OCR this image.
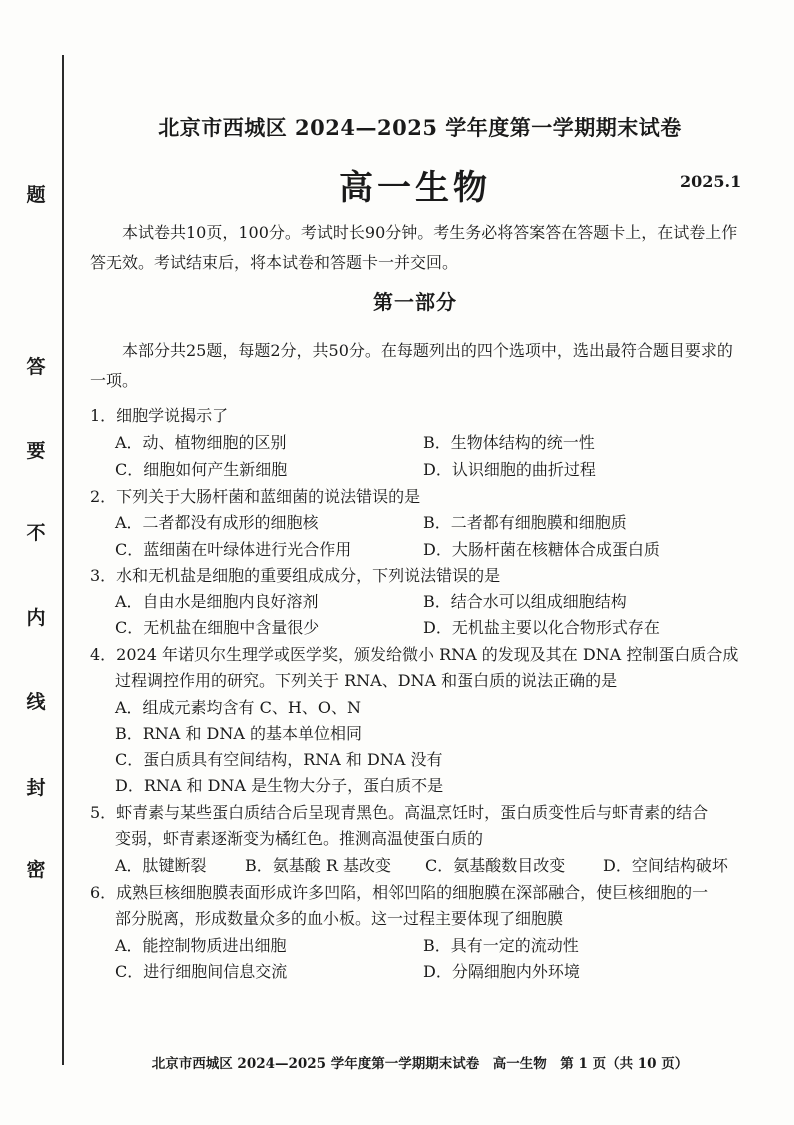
题
答
要
不
内
线
封
密
北京市西城区 2024—2025 学年度第一学期期末试卷
高一生物	2025.1
本试卷共10页，100分。考试时长90分钟。考生务必将答案答在答题卡上，在试卷上作
答无效。考试结束后，将本试卷和答题卡一并交回。
第一部分
本部分共25题，每题2分，共50分。在每题列出的四个选项中，选出最符合题目要求的
一项。
1．细胞学说揭示了
A．动、植物细胞的区别	B．生物体结构的统一性
C．细胞如何产生新细胞	D．认识细胞的曲折过程
2．下列关于大肠杆菌和蓝细菌的说法错误的是
A．二者都没有成形的细胞核	B．二者都有细胞膜和细胞质
C．蓝细菌在叶绿体进行光合作用	D．大肠杆菌在核糖体合成蛋白质
3．水和无机盐是细胞的重要组成成分，下列说法错误的是
A．自由水是细胞内良好溶剂	B．结合水可以组成细胞结构
C．无机盐在细胞中含量很少	D．无机盐主要以化合物形式存在
4．2024 年诺贝尔生理学或医学奖，颁发给微小 RNA 的发现及其在 DNA 控制蛋白质合成
过程调控作用的研究。下列关于 RNA、DNA 和蛋白质的说法正确的是
A．组成元素均含有 C、H、O、N
B．RNA 和 DNA 的基本单位相同
C．蛋白质具有空间结构，RNA 和 DNA 没有
D．RNA 和 DNA 是生物大分子，蛋白质不是
5．虾青素与某些蛋白质结合后呈现青黑色。高温烹饪时，蛋白质变性后与虾青素的结合
变弱，虾青素逐渐变为橘红色。推测高温使蛋白质的
A．肽键断裂 B．氨基酸 R 基改变 C．氨基酸数目改变 D．空间结构破坏
6．成熟巨核细胞膜表面形成许多凹陷，相邻凹陷的细胞膜在深部融合，使巨核细胞的一
部分脱离，形成数量众多的血小板。这一过程主要体现了细胞膜
A．能控制物质进出细胞	B．具有一定的流动性
C．进行细胞间信息交流	D．分隔细胞内外环境
北京市西城区 2024—2025 学年度第一学期期末试卷　高一生物　第 1 页（共 10 页）
